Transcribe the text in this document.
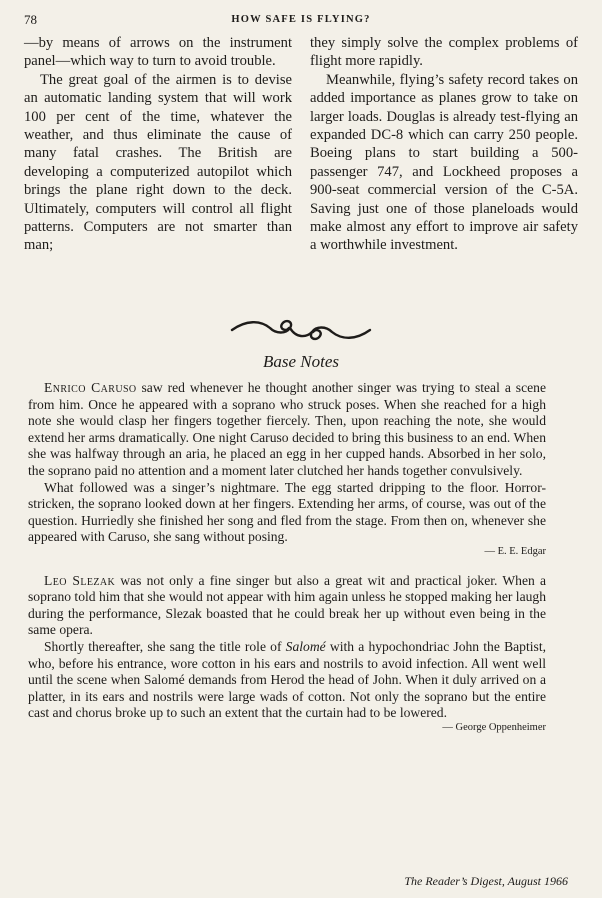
78	HOW SAFE IS FLYING?

—by means of arrows on the instrument panel—which way to turn to avoid trouble.

The great goal of the airmen is to devise an automatic landing system that will work 100 per cent of the time, whatever the weather, and thus eliminate the cause of many fatal crashes. The British are developing a computerized autopilot which brings the plane right down to the deck. Ultimately, computers will control all flight patterns. Computers are not smarter than man;

they simply solve the complex problems of flight more rapidly.

Meanwhile, flying’s safety record takes on added importance as planes grow to take on larger loads. Douglas is already test-flying an expanded DC-8 which can carry 250 people. Boeing plans to start building a 500-passenger 747, and Lockheed proposes a 900-seat commercial version of the C-5A. Saving just one of those planeloads would make almost any effort to improve air safety a worthwhile investment.

Base Notes

Enrico Caruso saw red whenever he thought another singer was trying to steal a scene from him. Once he appeared with a soprano who struck poses. When she reached for a high note she would clasp her fingers together fiercely. Then, upon reaching the note, she would extend her arms dramatically. One night Caruso decided to bring this business to an end. When she was halfway through an aria, he placed an egg in her cupped hands. Absorbed in her solo, the soprano paid no attention and a moment later clutched her hands together convulsively.

What followed was a singer’s nightmare. The egg started dripping to the floor. Horror-stricken, the soprano looked down at her fingers. Extending her arms, of course, was out of the question. Hurriedly she finished her song and fled from the stage. From then on, whenever she appeared with Caruso, she sang without posing.

— E. E. Edgar

Leo Slezak was not only a fine singer but also a great wit and practical joker. When a soprano told him that she would not appear with him again unless he stopped making her laugh during the performance, Slezak boasted that he could break her up without even being in the same opera.

Shortly thereafter, she sang the title role of Salomé with a hypochondriac John the Baptist, who, before his entrance, wore cotton in his ears and nostrils to avoid infection. All went well until the scene when Salomé demands from Herod the head of John. When it duly arrived on a platter, in its ears and nostrils were large wads of cotton. Not only the soprano but the entire cast and chorus broke up to such an extent that the curtain had to be lowered.

— George Oppenheimer
The Reader’s Digest, August 1966
